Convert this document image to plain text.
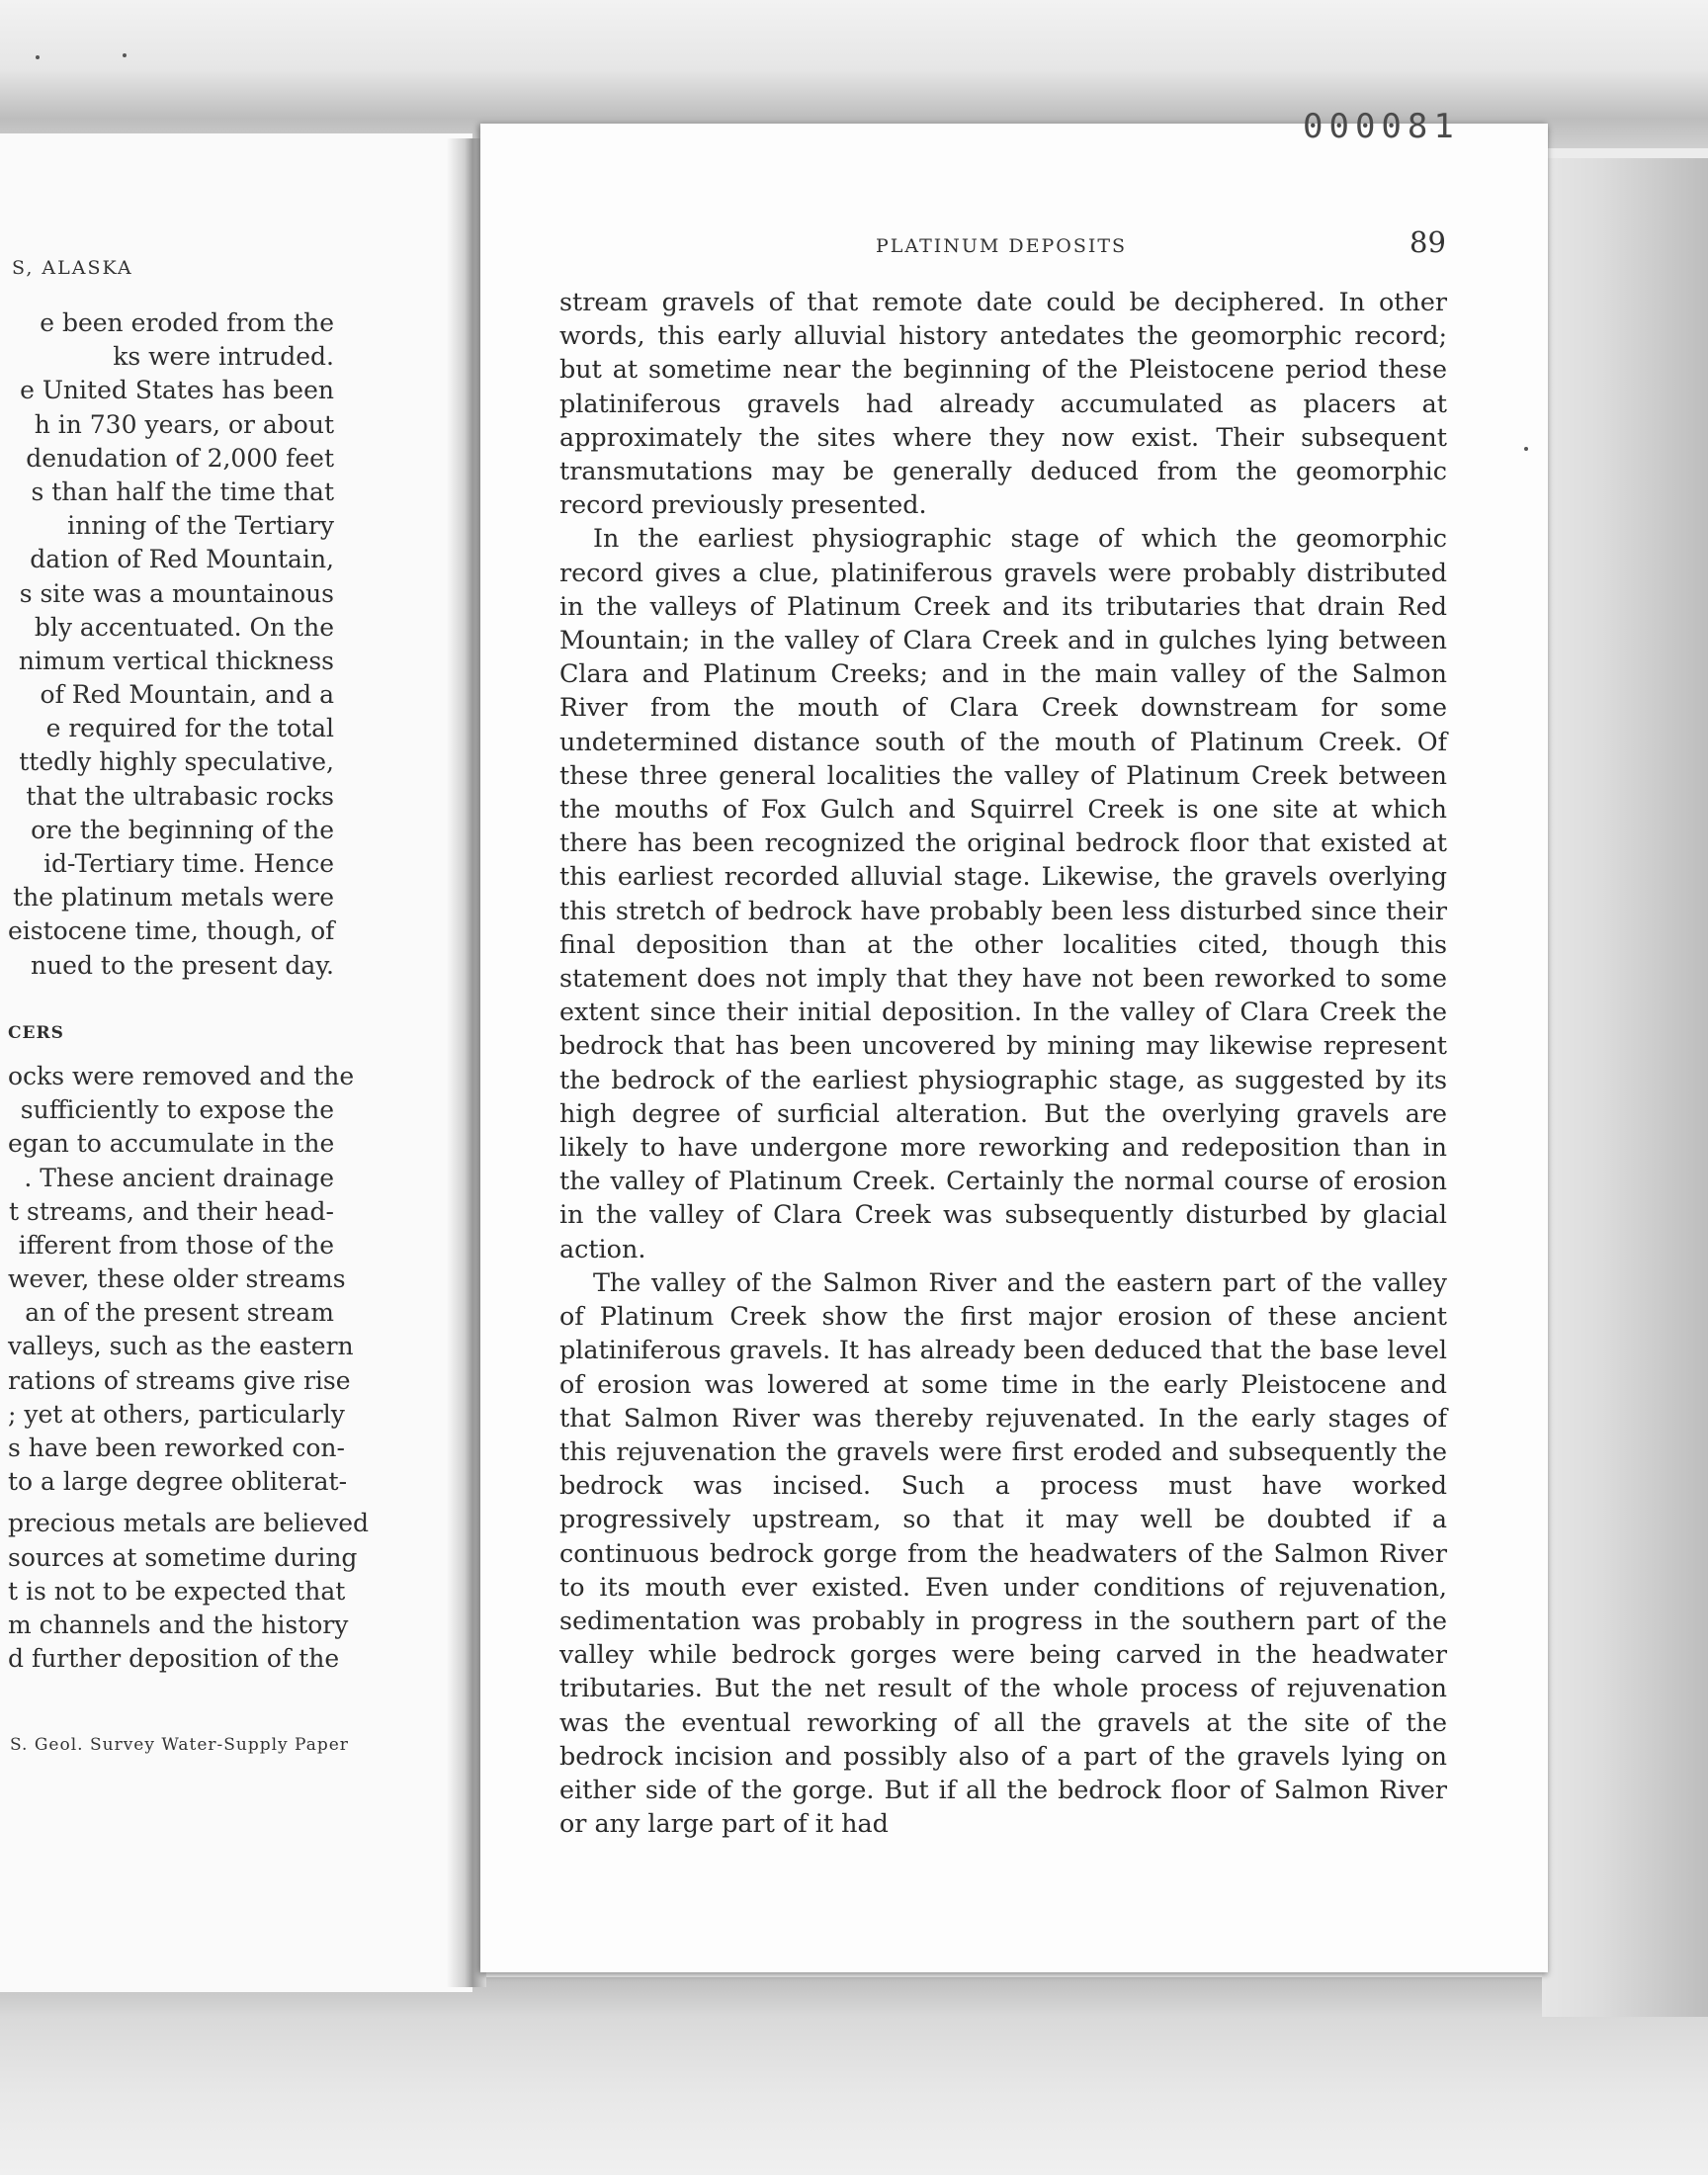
S, ALASKA
e been eroded from the
ks were intruded.
e United States has been
h in 730 years, or about
denudation of 2,000 feet
s than half the time that
inning of the Tertiary
dation of Red Mountain,
s site was a mountainous
bly accentuated. On the
nimum vertical thickness
of Red Mountain, and a
e required for the total
ttedly highly speculative,
that the ultrabasic rocks
ore the beginning of the
id-Tertiary time. Hence
the platinum metals were
eistocene time, though, of
nued to the present day.
CERS
ocks were removed and the
sufficiently to expose the
egan to accumulate in the
. These ancient drainage
t streams, and their head-
ifferent from those of the
wever, these older streams
an of the present stream
valleys, such as the eastern
rations of streams give rise
; yet at others, particularly
s have been reworked con-
to a large degree obliterat-
precious metals are believed
sources at sometime during
t is not to be expected that
m channels and the history
d further deposition of the
S. Geol. Survey Water-Supply Paper
000081
PLATINUM DEPOSITS	89

stream gravels of that remote date could be deciphered. In other words, this early alluvial history antedates the geomorphic record; but at sometime near the beginning of the Pleistocene period these platiniferous gravels had already accumulated as placers at approximately the sites where they now exist. Their subsequent transmutations may be generally deduced from the geomorphic record previously presented.

In the earliest physiographic stage of which the geomorphic record gives a clue, platiniferous gravels were probably distributed in the valleys of Platinum Creek and its tributaries that drain Red Mountain; in the valley of Clara Creek and in gulches lying between Clara and Platinum Creeks; and in the main valley of the Salmon River from the mouth of Clara Creek downstream for some undetermined distance south of the mouth of Platinum Creek. Of these three general localities the valley of Platinum Creek between the mouths of Fox Gulch and Squirrel Creek is one site at which there has been recognized the original bedrock floor that existed at this earliest recorded alluvial stage. Likewise, the gravels overlying this stretch of bedrock have probably been less disturbed since their final deposition than at the other localities cited, though this statement does not imply that they have not been reworked to some extent since their initial deposition. In the valley of Clara Creek the bedrock that has been uncovered by mining may likewise represent the bedrock of the earliest physiographic stage, as suggested by its high degree of surficial alteration. But the overlying gravels are likely to have undergone more reworking and redeposition than in the valley of Platinum Creek. Certainly the normal course of erosion in the valley of Clara Creek was subsequently disturbed by glacial action.

The valley of the Salmon River and the eastern part of the valley of Platinum Creek show the first major erosion of these ancient platiniferous gravels. It has already been deduced that the base level of erosion was lowered at some time in the early Pleistocene and that Salmon River was thereby rejuvenated. In the early stages of this rejuvenation the gravels were first eroded and subsequently the bedrock was incised. Such a process must have worked progressively upstream, so that it may well be doubted if a continuous bedrock gorge from the headwaters of the Salmon River to its mouth ever existed. Even under conditions of rejuvenation, sedimentation was probably in progress in the southern part of the valley while bedrock gorges were being carved in the headwater tributaries. But the net result of the whole process of rejuvenation was the eventual reworking of all the gravels at the site of the bedrock incision and possibly also of a part of the gravels lying on either side of the gorge. But if all the bedrock floor of Salmon River or any large part of it had
